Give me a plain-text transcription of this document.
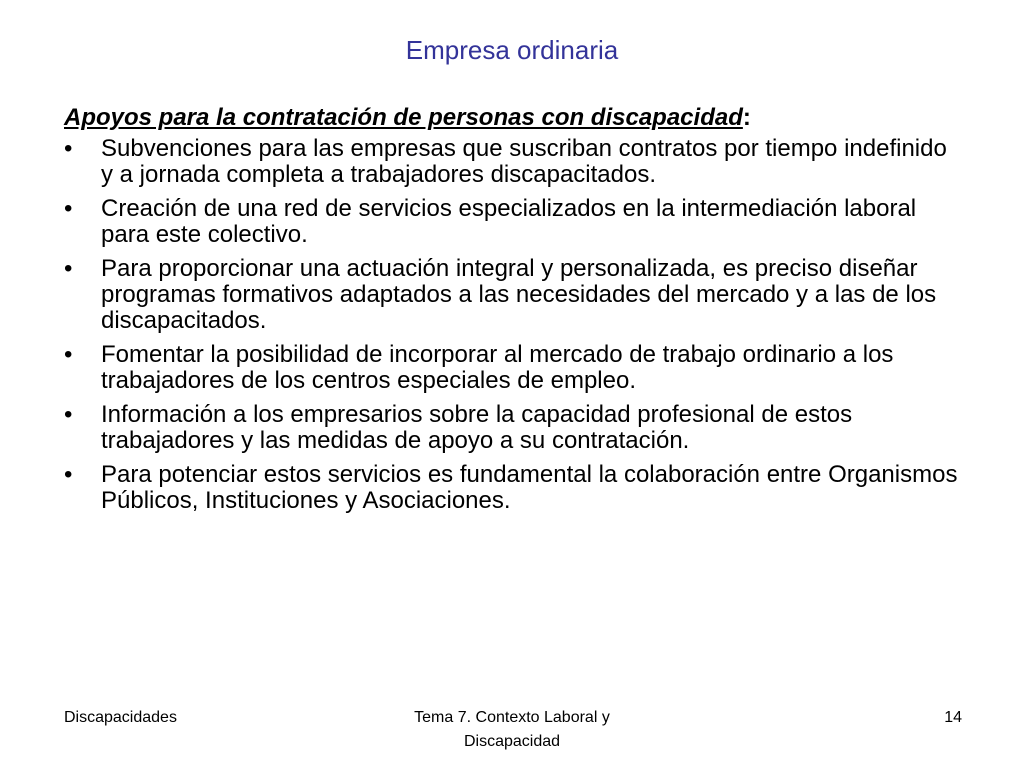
Empresa ordinaria
Apoyos para la contratación de personas con discapacidad:
• Subvenciones para las empresas que suscriban contratos por tiempo indefinido y a jornada completa a trabajadores discapacitados.
• Creación de una red de servicios especializados en la intermediación laboral para este colectivo.
• Para proporcionar una actuación integral y personalizada, es preciso diseñar programas formativos adaptados a las necesidades del mercado y a las de los discapacitados.
• Fomentar la posibilidad de incorporar al mercado de trabajo ordinario a los trabajadores de los centros especiales de empleo.
• Información a los empresarios sobre la capacidad profesional de estos trabajadores y las medidas de apoyo a su contratación.
• Para potenciar estos servicios es fundamental la colaboración entre Organismos Públicos, Instituciones y Asociaciones.
Discapacidades	Tema 7. Contexto Laboral y
Discapacidad
14
